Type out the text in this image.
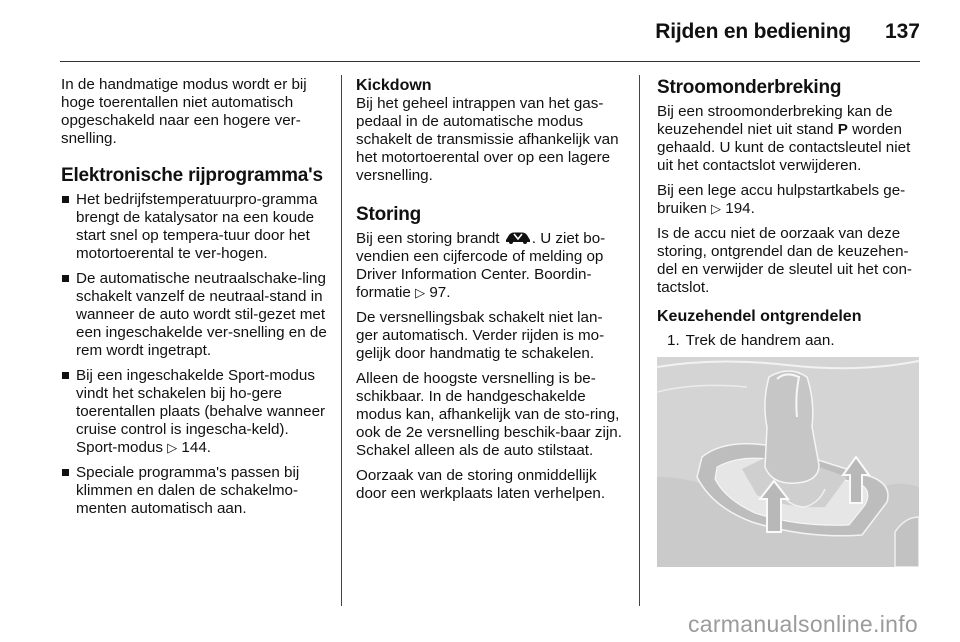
Rijden en bediening 137

In de handmatige modus wordt er bij hoge toerentallen niet automatisch opgeschakeld naar een hogere ver-snelling.

Elektronische rijprogramma's
Het bedrijfstemperatuurpro-gramma brengt de katalysator na een koude start snel op tempera-tuur door het motortoerental te ver-hogen.
De automatische neutraalschake-ling schakelt vanzelf de neutraal-stand in wanneer de auto wordt stil-gezet met een ingeschakelde ver-snelling en de rem wordt ingetrapt.
Bij een ingeschakelde Sport-modus vindt het schakelen bij ho-gere toerentallen plaats (behalve wanneer cruise control is ingescha-keld). Sport-modus ▷ 144.
Speciale programma's passen bij klimmen en dalen de schakelmo-menten automatisch aan.
Kickdown

Bij het geheel intrappen van het gas-pedaal in de automatische modus schakelt de transmissie afhankelijk van het motortoerental over op een lagere versnelling.

Storing

Bij een storing brandt . U ziet bo-vendien een cijfercode of melding op Driver Information Center. Boordin-formatie ▷ 97.

De versnellingsbak schakelt niet lan-ger automatisch. Verder rijden is mo-gelijk door handmatig te schakelen.

Alleen de hoogste versnelling is be-schikbaar. In de handgeschakelde modus kan, afhankelijk van de sto-ring, ook de 2e versnelling beschik-baar zijn. Schakel alleen als de auto stilstaat.

Oorzaak van de storing onmiddellijk door een werkplaats laten verhelpen.

Stroomonderbreking

Bij een stroomonderbreking kan de keuzehendel niet uit stand P worden gehaald. U kunt de contactsleutel niet uit het contactslot verwijderen.

Bij een lege accu hulpstartkabels ge-bruiken ▷ 194.

Is de accu niet de oorzaak van deze storing, ontgrendel dan de keuzehen-del en verwijder de sleutel uit het con-tactslot.

Keuzehendel ontgrendelen
1. Trek de handrem aan.
carmanualsonline.info
